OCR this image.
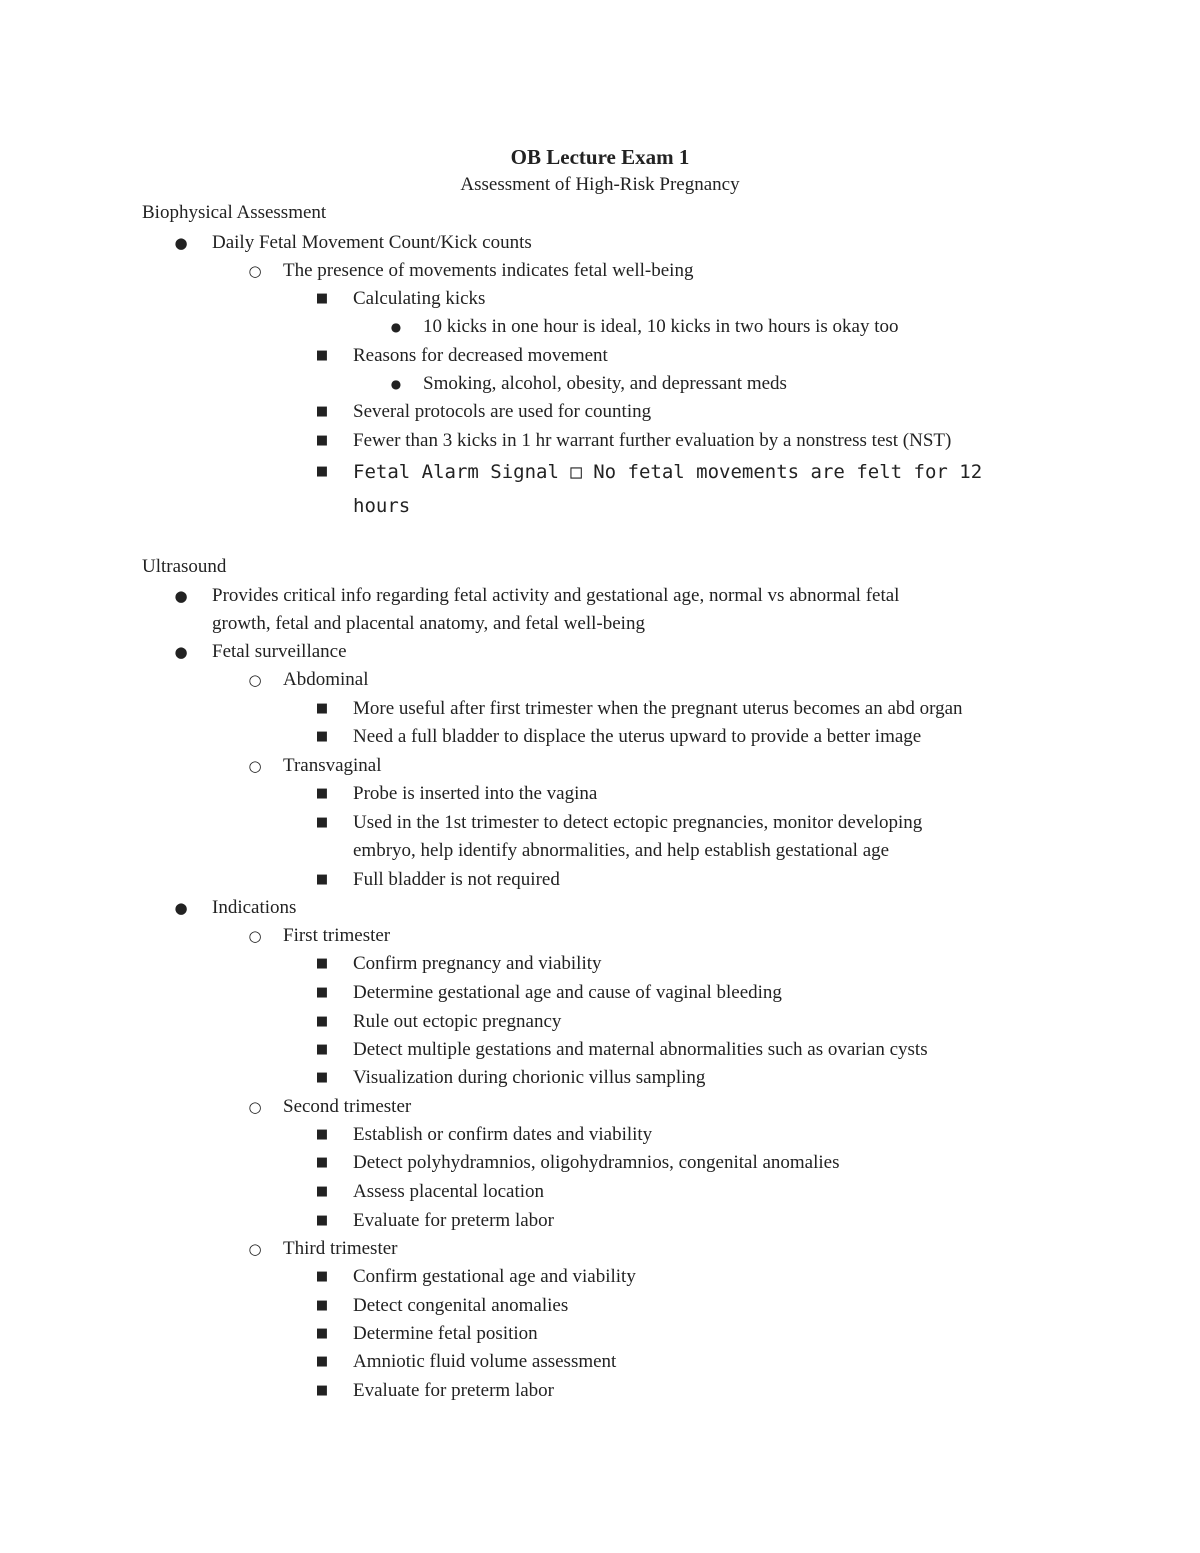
OB Lecture Exam 1
Assessment of High-Risk Pregnancy
Biophysical Assessment
Daily Fetal Movement Count/Kick counts
●
The presence of movements indicates fetal well-being
○
Calculating kicks
■
10 kicks in one hour is ideal, 10 kicks in two hours is okay too
●
Reasons for decreased movement
■
Smoking, alcohol, obesity, and depressant meds
●
Several protocols are used for counting
■
Fewer than 3 kicks in 1 hr warrant further evaluation by a nonstress test (NST)
■
Fetal Alarm Signal □ No fetal movements are felt for 12
■
hours
Ultrasound
Provides critical info regarding fetal activity and gestational age, normal vs abnormal fetal
●
growth, fetal and placental anatomy, and fetal well-being
Fetal surveillance
●
Abdominal
○
More useful after first trimester when the pregnant uterus becomes an abd organ
■
Need a full bladder to displace the uterus upward to provide a better image
■
Transvaginal
○
Probe is inserted into the vagina
■
Used in the 1st trimester to detect ectopic pregnancies, monitor developing
■
embryo, help identify abnormalities, and help establish gestational age
Full bladder is not required
■
Indications
●
First trimester
○
Confirm pregnancy and viability
■
Determine gestational age and cause of vaginal bleeding
■
Rule out ectopic pregnancy
■
Detect multiple gestations and maternal abnormalities such as ovarian cysts
■
Visualization during chorionic villus sampling
■
Second trimester
○
Establish or confirm dates and viability
■
Detect polyhydramnios, oligohydramnios, congenital anomalies
■
Assess placental location
■
Evaluate for preterm labor
■
Third trimester
○
Confirm gestational age and viability
■
Detect congenital anomalies
■
Determine fetal position
■
Amniotic fluid volume assessment
■
Evaluate for preterm labor
■
